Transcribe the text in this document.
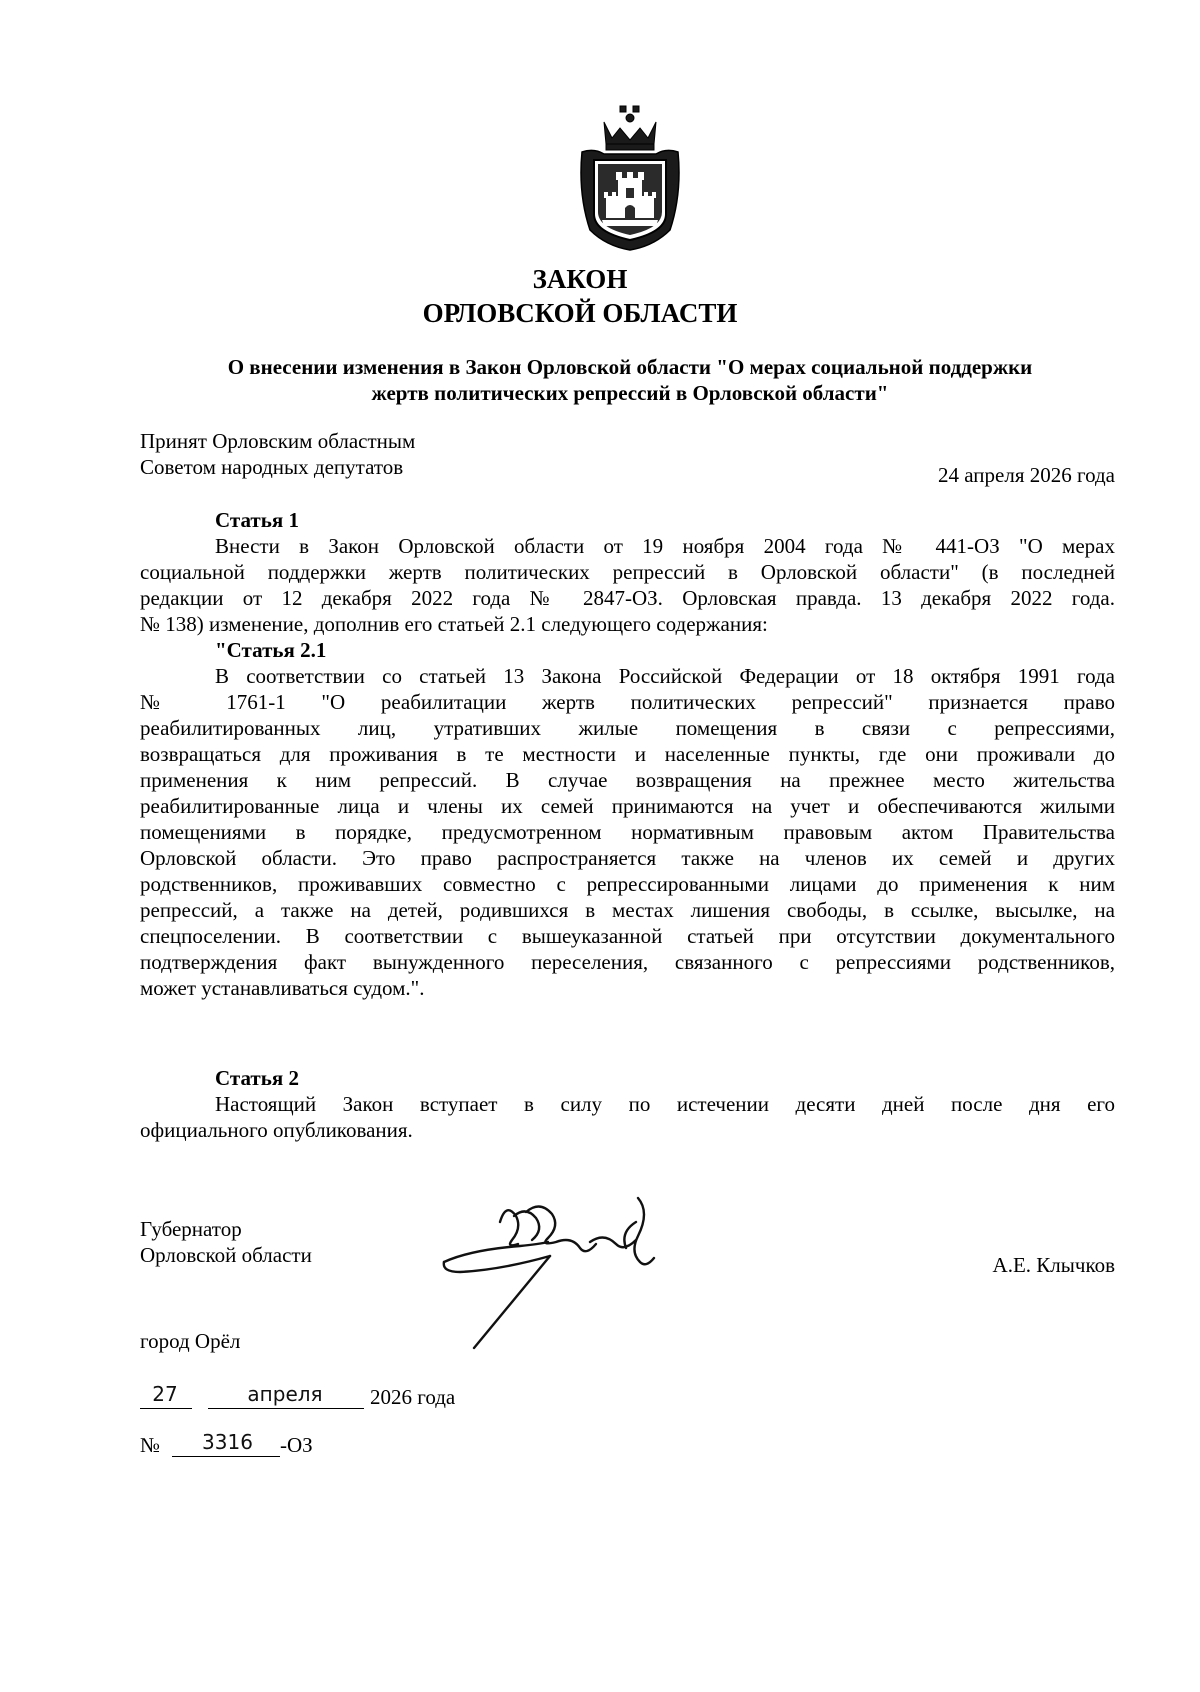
ЗАКОН
ОРЛОВСКОЙ ОБЛАСТИ
О внесении изменения в Закон Орловской области "О мерах социальной поддержки
жертв политических репрессий в Орловской области"
Принят Орловским областным
Советом народных депутатов	24 апреля 2026 года
Статья 1
Внести в Закон Орловской области от 19 ноября 2004 года № 441-ОЗ "О мерах
социальной поддержки жертв политических репрессий в Орловской области" (в последней
редакции от 12 декабря 2022 года № 2847-ОЗ. Орловская правда. 13 декабря 2022 года.
№ 138) изменение, дополнив его статьей 2.1 следующего содержания:
"Статья 2.1
В соответствии со статьей 13 Закона Российской Федерации от 18 октября 1991 года
№ 1761-1 "О реабилитации жертв политических репрессий" признается право
реабилитированных лиц, утративших жилые помещения в связи с репрессиями,
возвращаться для проживания в те местности и населенные пункты, где они проживали до
применения к ним репрессий. В случае возвращения на прежнее место жительства
реабилитированные лица и члены их семей принимаются на учет и обеспечиваются жилыми
помещениями в порядке, предусмотренном нормативным правовым актом Правительства
Орловской области. Это право распространяется также на членов их семей и других
родственников, проживавших совместно с репрессированными лицами до применения к ним
репрессий, а также на детей, родившихся в местах лишения свободы, в ссылке, высылке, на
спецпоселении. В соответствии с вышеуказанной статьей при отсутствии документального
подтверждения факт вынужденного переселения, связанного с репрессиями родственников,
может устанавливаться судом.".
Статья 2
Настоящий Закон вступает в силу по истечении десяти дней после дня его
официального опубликования.
Губернатор
Орловской области	А.Е. Клычков
город Орёл
27	апреля	2026 года
№	3316	-ОЗ
